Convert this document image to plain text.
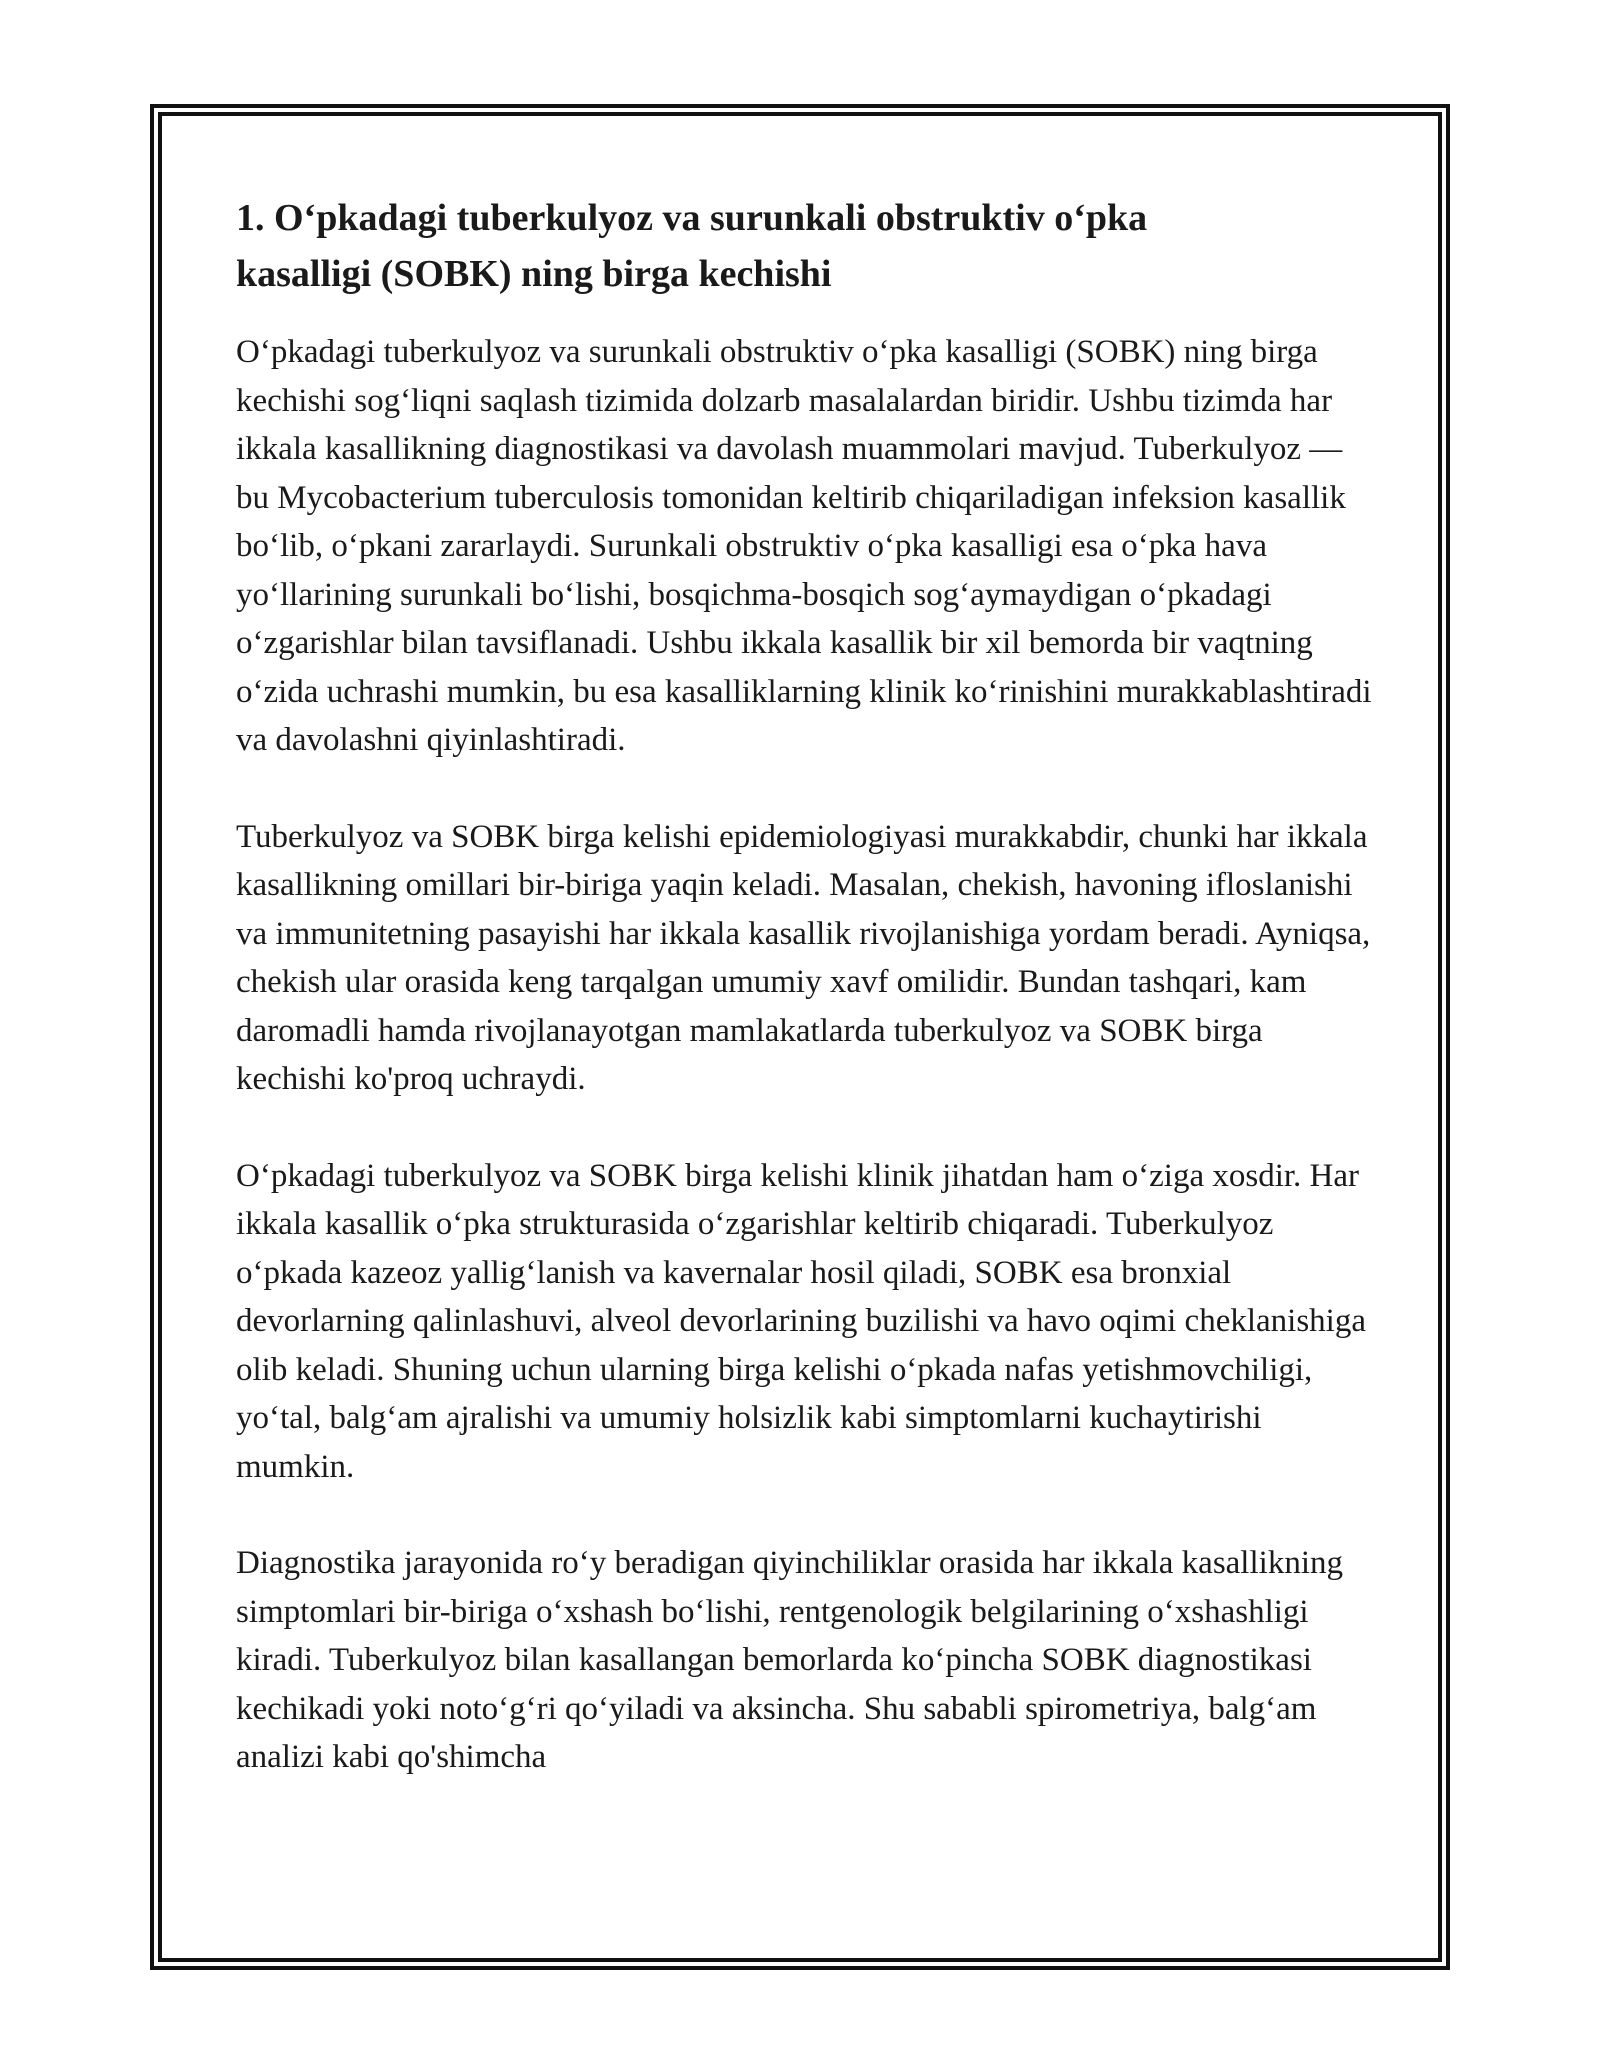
1. O‘pkadagi tuberkulyoz va surunkali obstruktiv o‘pka kasalligi (SOBK) ning birga kechishi

O‘pkadagi tuberkulyoz va surunkali obstruktiv o‘pka kasalligi (SOBK) ning birga kechishi sog‘liqni saqlash tizimida dolzarb masalalardan biridir. Ushbu tizimda har ikkala kasallikning diagnostikasi va davolash muammolari mavjud. Tuberkulyoz — bu Mycobacterium tuberculosis tomonidan keltirib chiqariladigan infeksion kasallik bo‘lib, o‘pkani zararlaydi. Surunkali obstruktiv o‘pka kasalligi esa o‘pka hava yo‘llarining surunkali bo‘lishi, bosqichma-bosqich sog‘aymaydigan o‘pkadagi o‘zgarishlar bilan tavsiflanadi. Ushbu ikkala kasallik bir xil bemorda bir vaqtning o‘zida uchrashi mumkin, bu esa kasalliklarning klinik ko‘rinishini murakkablashtiradi va davolashni qiyinlashtiradi.

Tuberkulyoz va SOBK birga kelishi epidemiologiyasi murakkabdir, chunki har ikkala kasallikning omillari bir-biriga yaqin keladi. Masalan, chekish, havoning ifloslanishi va immunitetning pasayishi har ikkala kasallik rivojlanishiga yordam beradi. Ayniqsa, chekish ular orasida keng tarqalgan umumiy xavf omilidir. Bundan tashqari, kam daromadli hamda rivojlanayotgan mamlakatlarda tuberkulyoz va SOBK birga kechishi ko'proq uchraydi.

O‘pkadagi tuberkulyoz va SOBK birga kelishi klinik jihatdan ham o‘ziga xosdir. Har ikkala kasallik o‘pka strukturasida o‘zgarishlar keltirib chiqaradi. Tuberkulyoz o‘pkada kazeoz yallig‘lanish va kavernalar hosil qiladi, SOBK esa bronxial devorlarning qalinlashuvi, alveol devorlarining buzilishi va havo oqimi cheklanishiga olib keladi. Shuning uchun ularning birga kelishi o‘pkada nafas yetishmovchiligi, yo‘tal, balg‘am ajralishi va umumiy holsizlik kabi simptomlarni kuchaytirishi mumkin.

Diagnostika jarayonida ro‘y beradigan qiyinchiliklar orasida har ikkala kasallikning simptomlari bir-biriga o‘xshash bo‘lishi, rentgenologik belgilarining o‘xshashligi kiradi. Tuberkulyoz bilan kasallangan bemorlarda ko‘pincha SOBK diagnostikasi kechikadi yoki noto‘g‘ri qo‘yiladi va aksincha. Shu sababli spirometriya, balg‘am analizi kabi qo'shimcha
